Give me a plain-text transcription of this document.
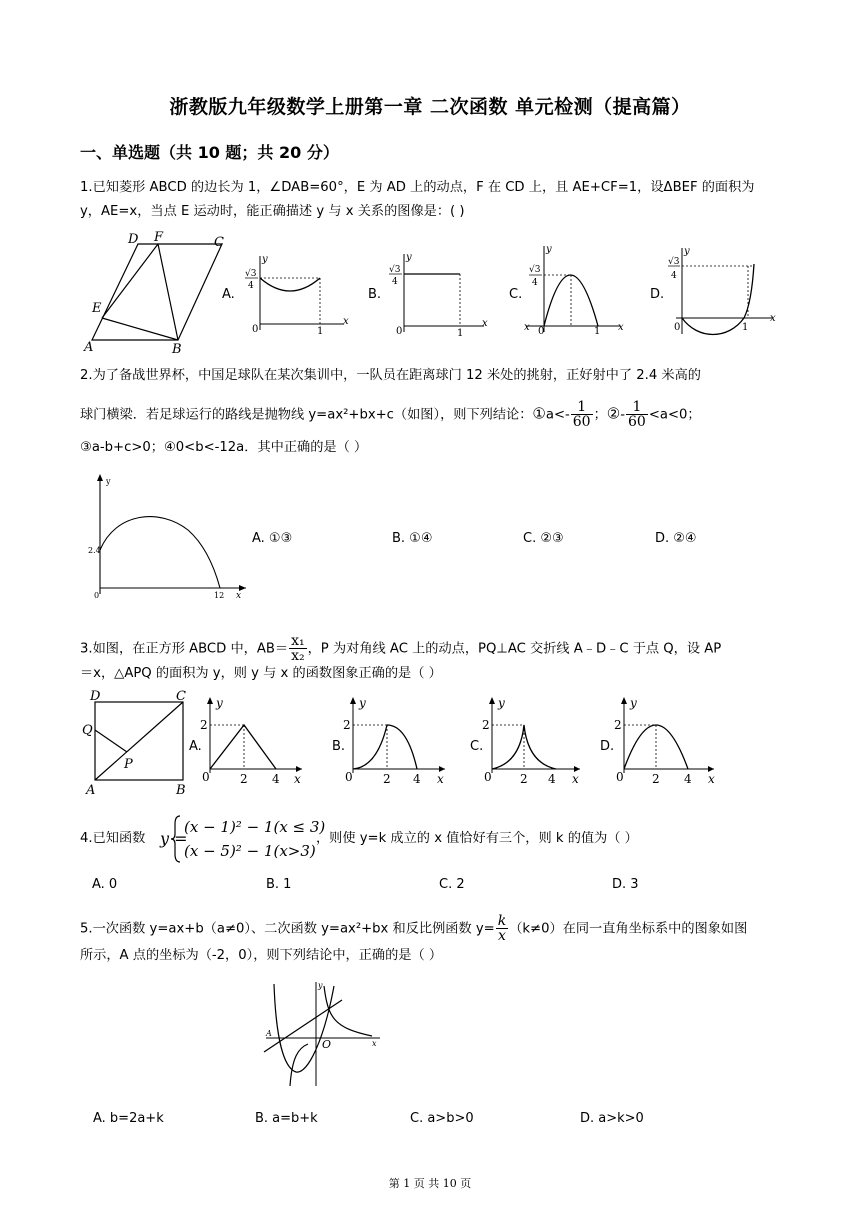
浙教版九年级数学上册第一章 二次函数 单元检测（提高篇）
一、单选题（共 10 题；共 20 分）
1.已知菱形 ABCD 的边长为 1，∠DAB=60°，E 为 AD 上的动点，F 在 CD 上，且 AE+CF=1，设ΔBEF 的面积为
y，AE=x，当点 E 运动时，能正确描述 y 与 x 关系的图像是：( )
D F	C
E
A	B
A.
y
x
0	1
√3
4
B.
y
x
0	1
√3
4
C.
y
x
x 0	1
√3
4
D.
y
x
0	1
√3
4
2.为了备战世界杯，中国足球队在某次集训中，一队员在距离球门 12 米处的挑射，正好射中了 2.4 米高的
球门横梁．若足球运行的路线是抛物线 y=ax²+bx+c（如图），则下列结论：①a<- $\frac{1}{60}$ ；②- $\frac{1}{60} <a<0$；
③a-b+c>0；④0<b<-12a．其中正确的是（ ）
y
x
0
2.4
12
A. ①③	B. ①④	C. ②③	D. ②④
3.如图，在正方形 ABCD 中，$AB= \frac{\text{x₁}}{\text{x₂}}$ ，P 为对角线 AC 上的动点，PQ⊥AC 交折线 A﹣D﹣C 于点 Q，设 AP
＝x，△APQ 的面积为 y，则 y 与 x 的函数图象正确的是（ ）
D	C
Q
P
A	B
A.
y
x
0	2 4
2
B.
y
x
0	2 4
2
C.
y
x
0 2 4
2
D.
y
x
0 2 4
2
4.已知函数 y =
(x − 1)² − 1(x ≤ 3)
(x − 5)² − 1(x>3)
，则使 y=k 成立的 x 值恰好有三个，则 k 的值为（ ）
A. 0	B. 1	C. 2	D. 3
5.一次函数 y=ax+b（a≠0）、二次函数 y=ax²+bx 和反比例函数 $y= \frac{k}{x} (k\ne 0)$在同一直角坐标系中的图象如图
所示，A 点的坐标为（-2，0），则下列结论中，正确的是（ ）
y
x
O
A
A. b=2a+k	B. a=b+k	C. a>b>0	D. a>k>0
第 1 页 共 10 页
